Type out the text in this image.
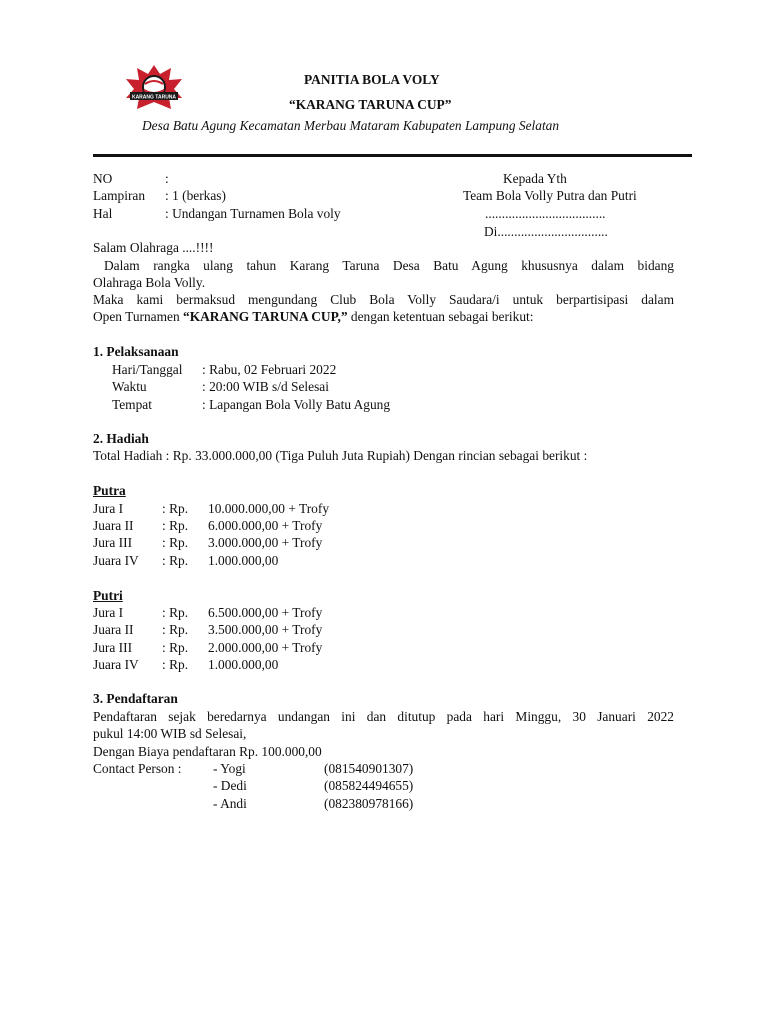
KARANG TARUNA
PANITIA BOLA VOLY
“KARANG TARUNA CUP”
Desa Batu Agung Kecamatan Merbau Mataram Kabupaten Lampung Selatan
NO	:
Lampiran : 1 (berkas)
Hal	: Undangan Turnamen Bola voly
Kepada Yth
Team Bola Volly Putra dan Putri
....................................
Di.................................
Salam Olahraga ....!!!!
Dalam rangka ulang tahun Karang Taruna Desa Batu Agung khususnya dalam bidang
Olahraga Bola Volly.
Maka kami bermaksud mengundang Club Bola Volly Saudara/i untuk berpartisipasi dalam
Open Turnamen “KARANG TARUNA CUP,” dengan ketentuan sebagai berikut:
1. Pelaksanaan
Hari/Tanggal : Rabu, 02 Februari 2022
Waktu	: 20:00 WIB s/d Selesai
Tempat	: Lapangan Bola Volly Batu Agung
2. Hadiah
Total Hadiah : Rp. 33.000.000,00 (Tiga Puluh Juta Rupiah) Dengan rincian sebagai berikut :
Putra
Jura I	: Rp. 10.000.000,00 + Trofy
Juara II : Rp. 6.000.000,00 + Trofy
Jura III : Rp. 3.000.000,00 + Trofy
Juara IV : Rp. 1.000.000,00
Putri
Jura I	: Rp. 6.500.000,00 + Trofy
Juara II : Rp. 3.500.000,00 + Trofy
Jura III : Rp. 2.000.000,00 + Trofy
Juara IV : Rp. 1.000.000,00
3. Pendaftaran
Pendaftaran sejak beredarnya undangan ini dan ditutup pada hari Minggu, 30 Januari 2022
pukul 14:00 WIB sd Selesai,
Dengan Biaya pendaftaran Rp. 100.000,00
Contact Person : - Yogi	(081540901307)
- Dedi	(085824494655)
- Andi	(082380978166)
